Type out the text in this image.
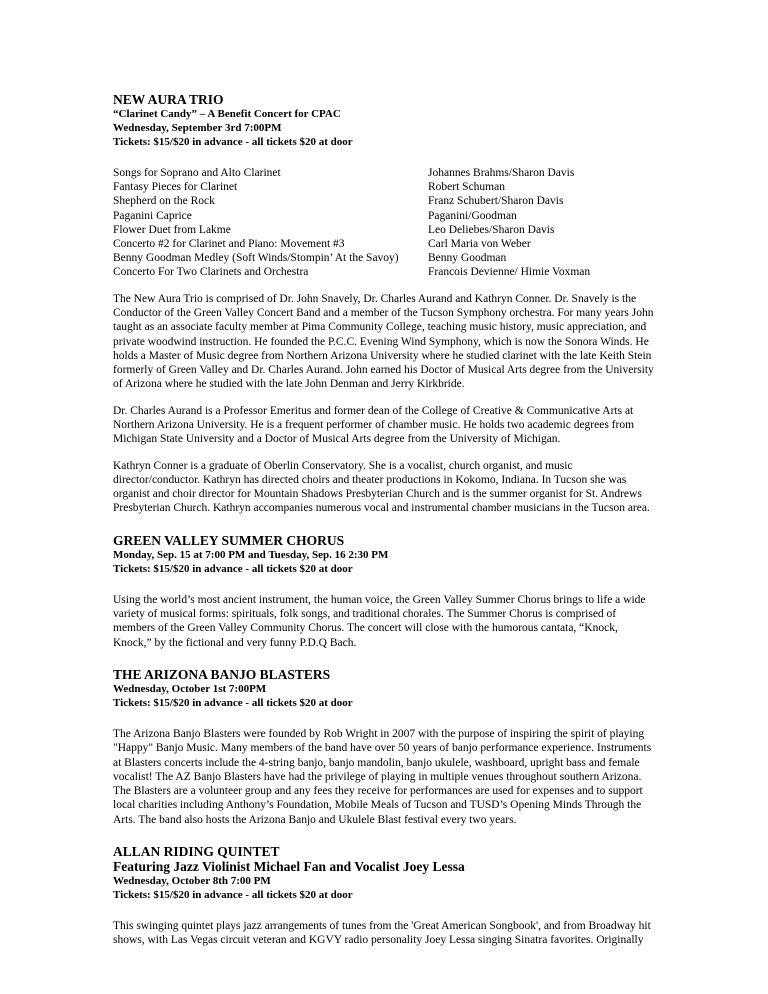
NEW AURA TRIO

“Clarinet Candy” – A Benefit Concert for CPAC

Wednesday, September 3rd 7:00PM

Tickets: $15/$20 in advance - all tickets $20 at door

Songs for Soprano and Alto Clarinet
Fantasy Pieces for Clarinet
Shepherd on the Rock
Paganini Caprice
Flower Duet from Lakme
Concerto #2 for Clarinet and Piano: Movement #3
Benny Goodman Medley (Soft Winds/Stompin’ At the Savoy)
Concerto For Two Clarinets and Orchestra
Johannes Brahms/Sharon Davis
Robert Schuman
Franz Schubert/Sharon Davis
Paganini/Goodman
Leo Deliebes/Sharon Davis
Carl Maria von Weber
Benny Goodman
Francois Devienne/ Himie Voxman

The New Aura Trio is comprised of Dr. John Snavely, Dr. Charles Aurand and Kathryn Conner. Dr. Snavely is the Conductor of the Green Valley Concert Band and a member of the Tucson Symphony orchestra. For many years John taught as an associate faculty member at Pima Community College, teaching music history, music appreciation, and private woodwind instruction. He founded the P.C.C. Evening Wind Symphony, which is now the Sonora Winds. He holds a Master of Music degree from Northern Arizona University where he studied clarinet with the late Keith Stein formerly of Green Valley and Dr. Charles Aurand. John earned his Doctor of Musical Arts degree from the University of Arizona where he studied with the late John Denman and Jerry Kirkbride.

Dr. Charles Aurand is a Professor Emeritus and former dean of the College of Creative & Communicative Arts at Northern Arizona University. He is a frequent performer of chamber music. He holds two academic degrees from Michigan State University and a Doctor of Musical Arts degree from the University of Michigan.

Kathryn Conner is a graduate of Oberlin Conservatory. She is a vocalist, church organist, and music director/conductor. Kathryn has directed choirs and theater productions in Kokomo, Indiana. In Tucson she was organist and choir director for Mountain Shadows Presbyterian Church and is the summer organist for St. Andrews Presbyterian Church. Kathryn accompanies numerous vocal and instrumental chamber musicians in the Tucson area.

GREEN VALLEY SUMMER CHORUS

Monday, Sep. 15 at 7:00 PM and Tuesday, Sep. 16 2:30 PM

Tickets: $15/$20 in advance - all tickets $20 at door

Using the world’s most ancient instrument, the human voice, the Green Valley Summer Chorus brings to life a wide variety of musical forms: spirituals, folk songs, and traditional chorales. The Summer Chorus is comprised of members of the Green Valley Community Chorus. The concert will close with the humorous cantata, “Knock, Knock,” by the fictional and very funny P.D.Q Bach.

THE ARIZONA BANJO BLASTERS

Wednesday, October 1st 7:00PM

Tickets: $15/$20 in advance - all tickets $20 at door

The Arizona Banjo Blasters were founded by Rob Wright in 2007 with the purpose of inspiring the spirit of playing "Happy" Banjo Music. Many members of the band have over 50 years of banjo performance experience. Instruments at Blasters concerts include the 4-string banjo, banjo mandolin, banjo ukulele, washboard, upright bass and female vocalist! The AZ Banjo Blasters have had the privilege of playing in multiple venues throughout southern Arizona. The Blasters are a volunteer group and any fees they receive for performances are used for expenses and to support local charities including Anthony’s Foundation, Mobile Meals of Tucson and TUSD’s Opening Minds Through the Arts. The band also hosts the Arizona Banjo and Ukulele Blast festival every two years.

ALLAN RIDING QUINTET

Featuring Jazz Violinist Michael Fan and Vocalist Joey Lessa

Wednesday, October 8th 7:00 PM

Tickets: $15/$20 in advance - all tickets $20 at door

This swinging quintet plays jazz arrangements of tunes from the 'Great American Songbook', and from Broadway hit shows, with Las Vegas circuit veteran and KGVY radio personality Joey Lessa singing Sinatra favorites. Originally
